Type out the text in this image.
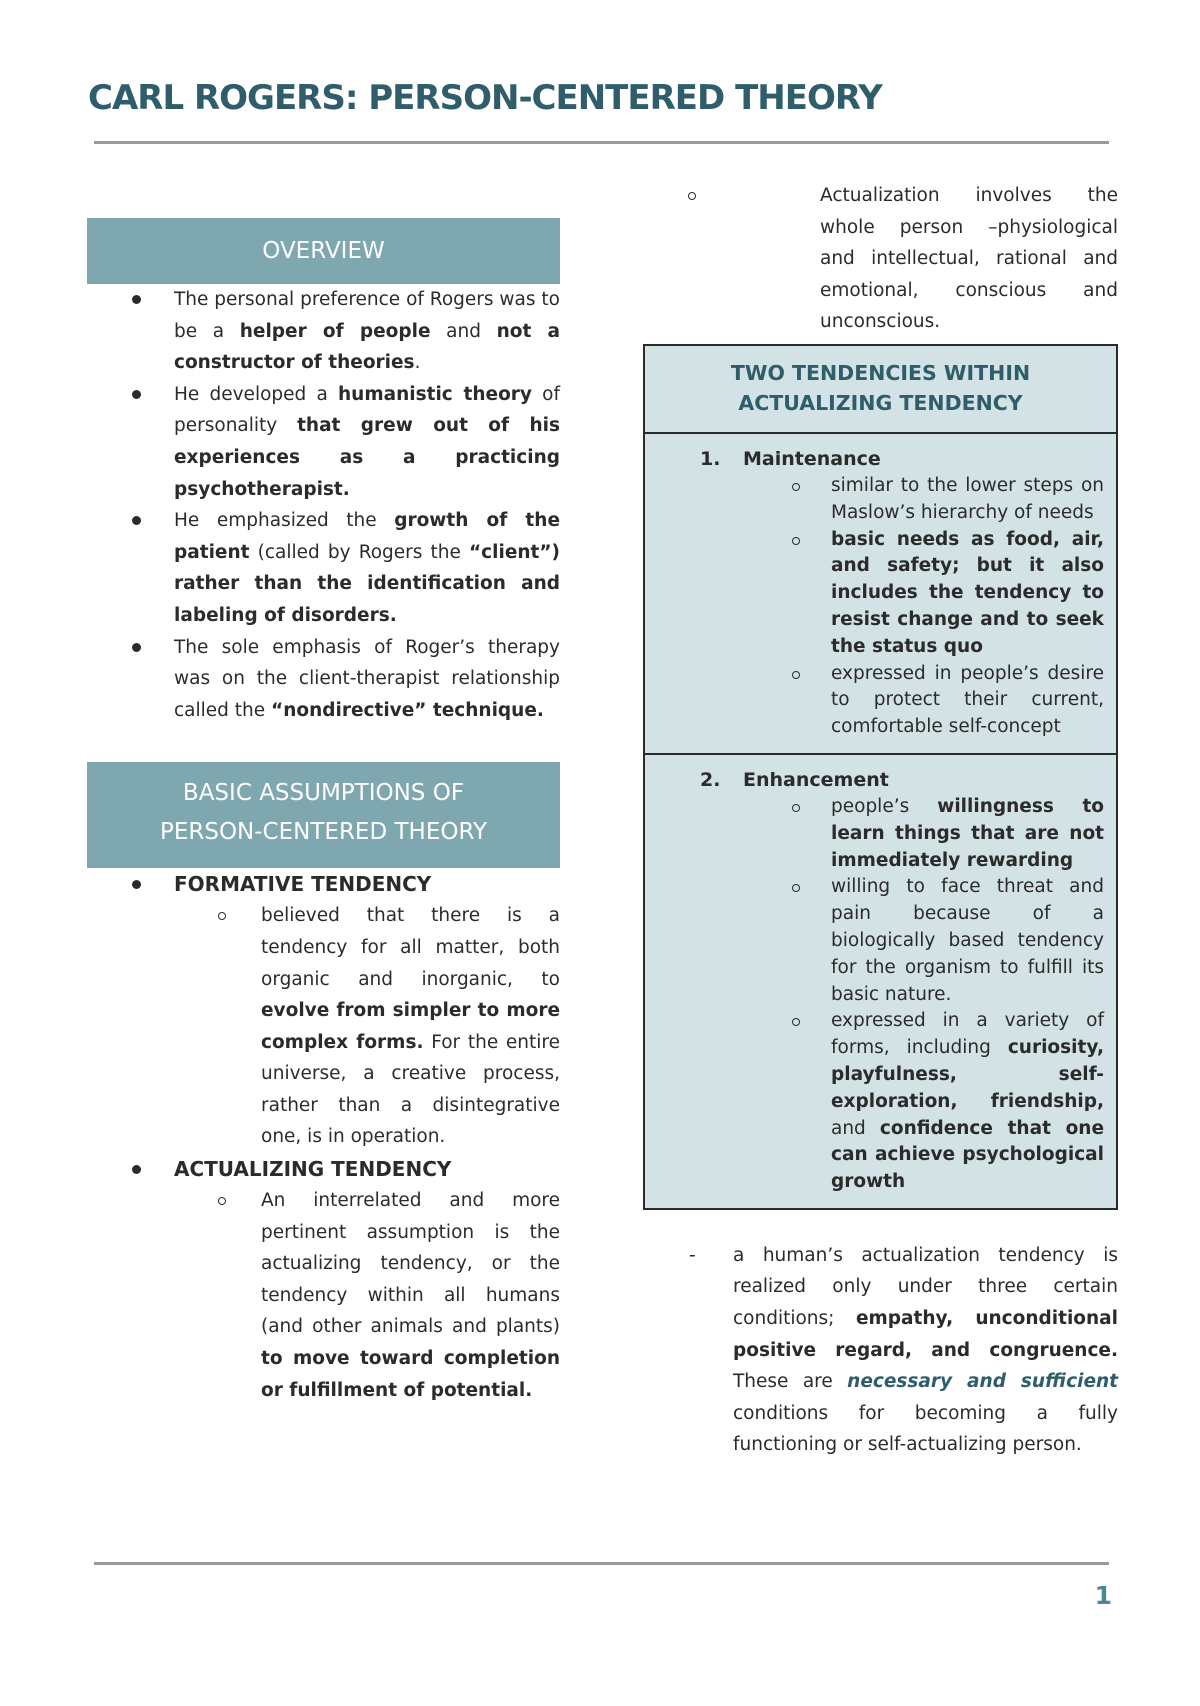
CARL ROGERS: PERSON-CENTERED THEORY
OVERVIEW
The personal preference of Rogers was to be a helper of people and not a constructor of theories.
He developed a humanistic theory of personality that grew out of his experiences as a practicing psychotherapist.
He emphasized the growth of the patient (called by Rogers the “client”) rather than the identification and labeling of disorders.
The sole emphasis of Roger’s therapy was on the client-therapist relationship called the “nondirective” technique.
BASIC ASSUMPTIONS OF
PERSON-CENTERED THEORY
FORMATIVE TENDENCY
believed that there is a tendency for all matter, both organic and inorganic, to evolve from simpler to more complex forms. For the entire universe, a creative process, rather than a disintegrative one, is in operation.
ACTUALIZING TENDENCY
An interrelated and more pertinent assumption is the actualizing tendency, or the tendency within all humans (and other animals and plants) to move toward completion or fulfillment of potential.
Actualization involves the whole person –physiological and intellectual, rational and emotional, conscious and unconscious.
TWO TENDENCIES WITHIN
ACTUALIZING TENDENCY
1. Maintenance
similar to the lower steps on Maslow’s hierarchy of needs
basic needs as food, air, and safety; but it also includes the tendency to resist change and to seek the status quo
expressed in people’s desire to protect their current, comfortable self-concept
2. Enhancement
people’s willingness to learn things that are not immediately rewarding
willing to face threat and pain because of a biologically based tendency for the organism to fulfill its basic nature.
expressed in a variety of forms, including curiosity, playfulness, self-exploration, friendship, and confidence that one can achieve psychological growth
- a human’s actualization tendency is realized only under three certain conditions; empathy, unconditional positive regard, and congruence. These are necessary and sufficient conditions for becoming a fully functioning or self-actualizing person.
1
